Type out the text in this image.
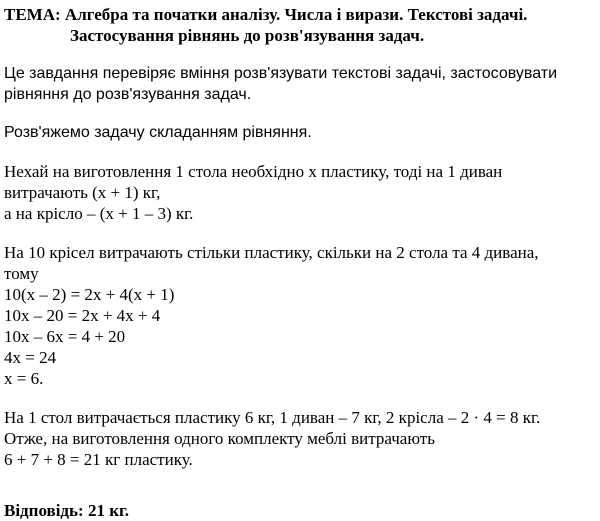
ТЕМА: Алгебра та початки аналізу. Числа і вирази. Текстові задачі.
Застосування рівнянь до розв'язування задач.
Це завдання перевіряє вміння розв'язувати текстові задачі, застосовувати
рівняння до розв'язування задач.
Розв'яжемо задачу складанням рівняння.
Нехай на виготовлення 1 стола необхідно x пластику, тоді на 1 диван
витрачають (x + 1) кг,
а на крісло – (x + 1 – 3) кг.
На 10 крісел витрачають стільки пластику, скільки на 2 стола та 4 дивана,
тому
10(x – 2) = 2x + 4(x + 1)
10x – 20 = 2x + 4x + 4
10x – 6x = 4 + 20
4x = 24
x = 6.
На 1 стол витрачається пластику 6 кг, 1 диван – 7 кг, 2 крісла – 2 · 4 = 8 кг.
Отже, на виготовлення одного комплекту меблі витрачають
6 + 7 + 8 = 21 кг пластику.
Відповідь: 21 кг.
